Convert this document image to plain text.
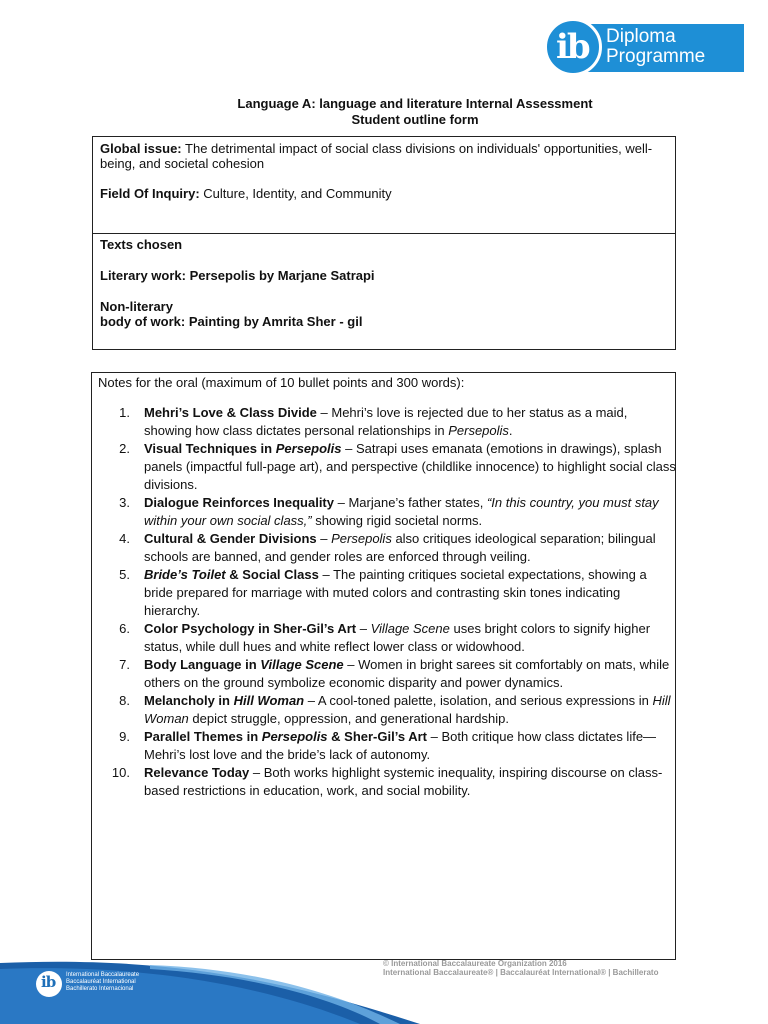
ib Diploma
Programme
Language A: language and literature Internal Assessment
Student outline form
Global issue: The detrimental impact of social class divisions on individuals' opportunities, well-being, and societal cohesion
Field Of Inquiry: Culture, Identity, and Community
Texts chosen
Literary work: Persepolis by Marjane Satrapi
Non-literary
body of work: Painting by Amrita Sher - gil
Notes for the oral (maximum of 10 bullet points and 300 words):
1.	Mehri’s Love & Class Divide – Mehri’s love is rejected due to her status as a maid, showing how class dictates personal relationships in Persepolis.
2.	Visual Techniques in Persepolis – Satrapi uses emanata (emotions in drawings), splash panels (impactful full-page art), and perspective (childlike innocence) to highlight social class divisions.
3.	Dialogue Reinforces Inequality – Marjane’s father states, “In this country, you must stay within your own social class,” showing rigid societal norms.
4.	Cultural & Gender Divisions – Persepolis also critiques ideological separation; bilingual schools are banned, and gender roles are enforced through veiling.
5.	Bride’s Toilet & Social Class – The painting critiques societal expectations, showing a bride prepared for marriage with muted colors and contrasting skin tones indicating hierarchy.
6.	Color Psychology in Sher-Gil’s Art – Village Scene uses bright colors to signify higher status, while dull hues and white reflect lower class or widowhood.
7.	Body Language in Village Scene – Women in bright sarees sit comfortably on mats, while others on the ground symbolize economic disparity and power dynamics.
8.	Melancholy in Hill Woman – A cool-toned palette, isolation, and serious expressions in Hill Woman depict struggle, oppression, and generational hardship.
9.	Parallel Themes in Persepolis & Sher-Gil’s Art – Both critique how class dictates life—Mehri’s lost love and the bride’s lack of autonomy.
10.	Relevance Today – Both works highlight systemic inequality, inspiring discourse on class-based restrictions in education, work, and social mobility.
© International Baccalaureate Organization 2016
International Baccalaureate® | Baccalauréat International® | Bachillerato
ib International Baccalaureate
Baccalauréat International
Bachillerato Internacional
